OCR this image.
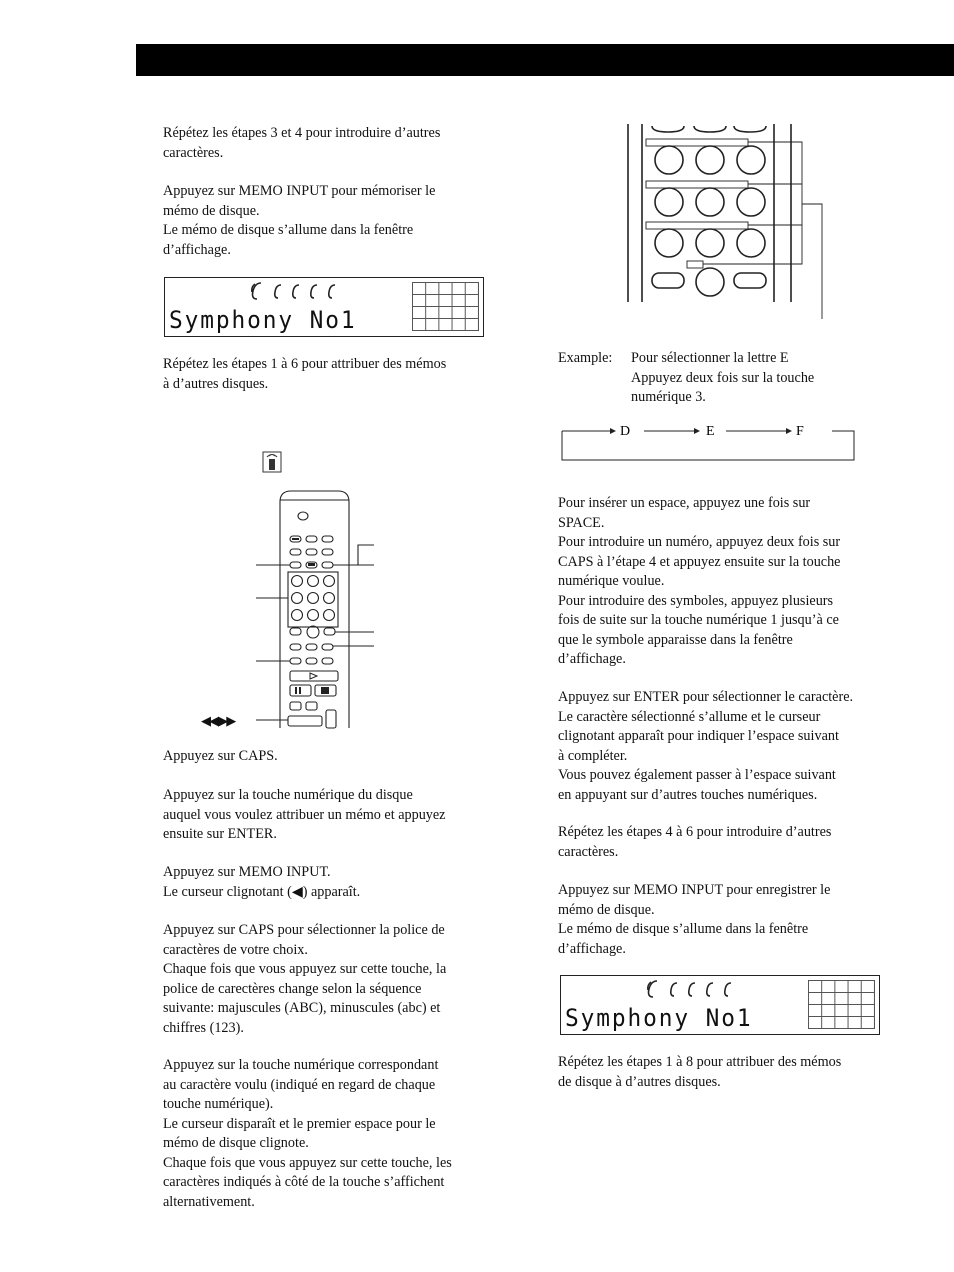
Répétez les étapes 3 et 4 pour introduire d’autres
caractères.
Appuyez sur MEMO INPUT pour mémoriser le
mémo de disque.
Le mémo de disque s’allume dans la fenêtre
d’affichage.
Symphony No1
Répétez les étapes 1 à 6 pour attribuer des mémos
à d’autres disques.
◀◀ ▶▶
Appuyez sur CAPS.
Appuyez sur la touche numérique du disque
auquel vous voulez attribuer un mémo et appuyez
ensuite sur ENTER.
Appuyez sur MEMO INPUT.
Le curseur clignotant (◀) apparaît.
Appuyez sur CAPS pour sélectionner la police de
caractères de votre choix.
Chaque fois que vous appuyez sur cette touche, la
police de carectères change selon la séquence
suivante: majuscules (ABC), minuscules (abc) et
chiffres (123).
Appuyez sur la touche numérique correspondant
au caractère voulu (indiqué en regard de chaque
touche numérique).
Le curseur disparaît et le premier espace pour le
mémo de disque clignote.
Chaque fois que vous appuyez sur cette touche, les
caractères indiqués à côté de la touche s’affichent
alternativement.
Example: Pour sélectionner la lettre E
Appuyez deux fois sur la touche
numérique 3.
D	E	F
Pour insérer un espace, appuyez une fois sur
SPACE.
Pour introduire un numéro, appuyez deux fois sur
CAPS à l’étape 4 et appuyez ensuite sur la touche
numérique voulue.
Pour introduire des symboles, appuyez plusieurs
fois de suite sur la touche numérique 1 jusqu’à ce
que le symbole apparaisse dans la fenêtre
d’affichage.
Appuyez sur ENTER pour sélectionner le caractère.
Le caractère sélectionné s’allume et le curseur
clignotant apparaît pour indiquer l’espace suivant
à compléter.
Vous pouvez également passer à l’espace suivant
en appuyant sur d’autres touches numériques.
Répétez les étapes 4 à 6 pour introduire d’autres
caractères.
Appuyez sur MEMO INPUT pour enregistrer le
mémo de disque.
Le mémo de disque s’allume dans la fenêtre
d’affichage.
Symphony No1
Répétez les étapes 1 à 8 pour attribuer des mémos
de disque à d’autres disques.
